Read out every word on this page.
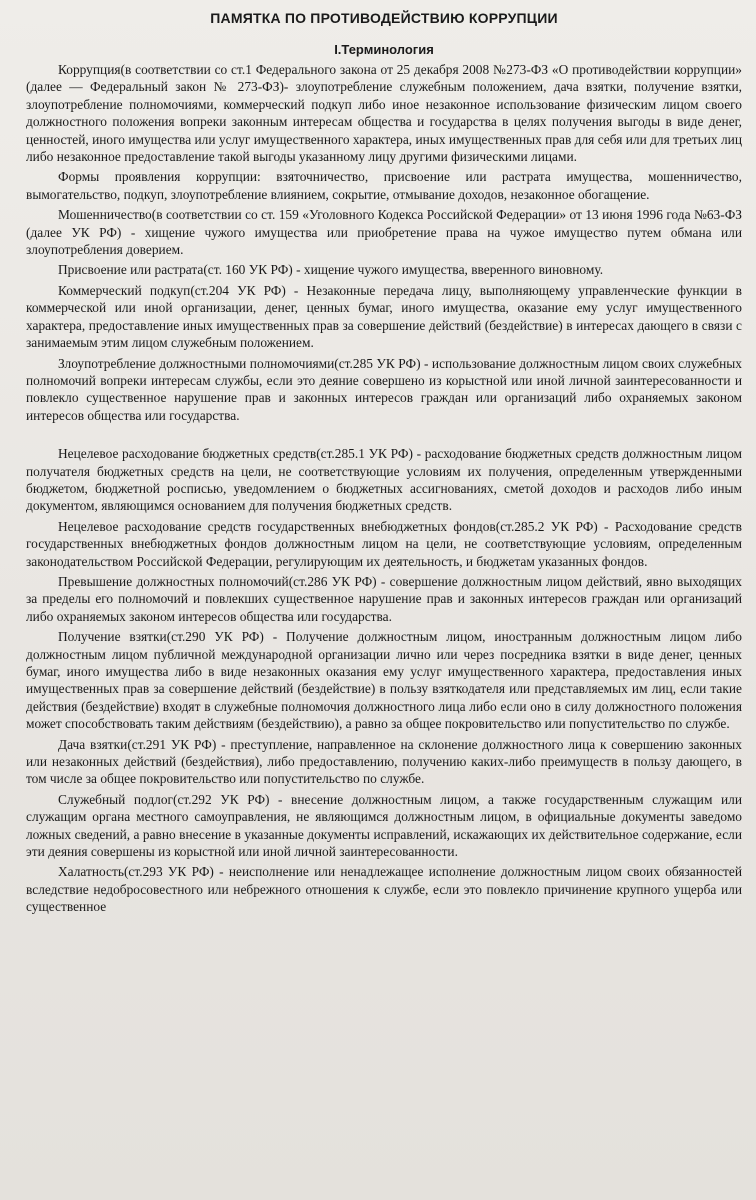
ПАМЯТКА ПО ПРОТИВОДЕЙСТВИЮ КОРРУПЦИИ
I.Терминология

Коррупция(в соответствии со ст.1 Федерального закона от 25 декабря 2008 №273-ФЗ «О противодействии коррупции» (далее — Федеральный закон № 273-ФЗ)- злоупотребление служебным положением, дача взятки, получение взятки, злоупотребление полномочиями, коммерческий подкуп либо иное незаконное использование физическим лицом своего должностного положения вопреки законным интересам общества и государства в целях получения выгоды в виде денег, ценностей, иного имущества или услуг имущественного характера, иных имущественных прав для себя или для третьих лиц либо незаконное предоставление такой выгоды указанному лицу другими физическими лицами.

Формы проявления коррупции: взяточничество, присвоение или растрата имущества, мошенничество, вымогательство, подкуп, злоупотребление влиянием, сокрытие, отмывание доходов, незаконное обогащение.

Мошенничество(в соответствии со ст. 159 «Уголовного Кодекса Российской Федерации» от 13 июня 1996 года №63-ФЗ (далее УК РФ) - хищение чужого имущества или приобретение права на чужое имущество путем обмана или злоупотребления доверием.

Присвоение или растрата(ст. 160 УК РФ) - хищение чужого имущества, вверенного виновному.

Коммерческий подкуп(ст.204 УК РФ) - Незаконные передача лицу, выполняющему управленческие функции в коммерческой или иной организации, денег, ценных бумаг, иного имущества, оказание ему услуг имущественного характера, предоставление иных имущественных прав за совершение действий (бездействие) в интересах дающего в связи с занимаемым этим лицом служебным положением.

Злоупотребление должностными полномочиями(ст.285 УК РФ) - использование должностным лицом своих служебных полномочий вопреки интересам службы, если это деяние совершено из корыстной или иной личной заинтересованности и повлекло существенное нарушение прав и законных интересов граждан или организаций либо охраняемых законом интересов общества или государства.

Нецелевое расходование бюджетных средств(ст.285.1 УК РФ) - расходование бюджетных средств должностным лицом получателя бюджетных средств на цели, не соответствующие условиям их получения, определенным утвержденными бюджетом, бюджетной росписью, уведомлением о бюджетных ассигнованиях, сметой доходов и расходов либо иным документом, являющимся основанием для получения бюджетных средств.

Нецелевое расходование средств государственных внебюджетных фондов(ст.285.2 УК РФ) - Расходование средств государственных внебюджетных фондов должностным лицом на цели, не соответствующие условиям, определенным законодательством Российской Федерации, регулирующим их деятельность, и бюджетам указанных фондов.

Превышение должностных полномочий(ст.286 УК РФ) - совершение должностным лицом действий, явно выходящих за пределы его полномочий и повлекших существенное нарушение прав и законных интересов граждан или организаций либо охраняемых законом интересов общества или государства.

Получение взятки(ст.290 УК РФ) - Получение должностным лицом, иностранным должностным лицом либо должностным лицом публичной международной организации лично или через посредника взятки в виде денег, ценных бумаг, иного имущества либо в виде незаконных оказания ему услуг имущественного характера, предоставления иных имущественных прав за совершение действий (бездействие) в пользу взяткодателя или представляемых им лиц, если такие действия (бездействие) входят в служебные полномочия должностного лица либо если оно в силу должностного положения может способствовать таким действиям (бездействию), а равно за общее покровительство или попустительство по службе.

Дача взятки(ст.291 УК РФ) - преступление, направленное на склонение должностного лица к совершению законных или незаконных действий (бездействия), либо предоставлению, получению каких-либо преимуществ в пользу дающего, в том числе за общее покровительство или попустительство по службе.

Служебный подлог(ст.292 УК РФ) - внесение должностным лицом, а также государственным служащим или служащим органа местного самоуправления, не являющимся должностным лицом, в официальные документы заведомо ложных сведений, а равно внесение в указанные документы исправлений, искажающих их действительное содержание, если эти деяния совершены из корыстной или иной личной заинтересованности.

Халатность(ст.293 УК РФ) - неисполнение или ненадлежащее исполнение должностным лицом своих обязанностей вследствие недобросовестного или небрежного отношения к службе, если это повлекло причинение крупного ущерба или существенное
